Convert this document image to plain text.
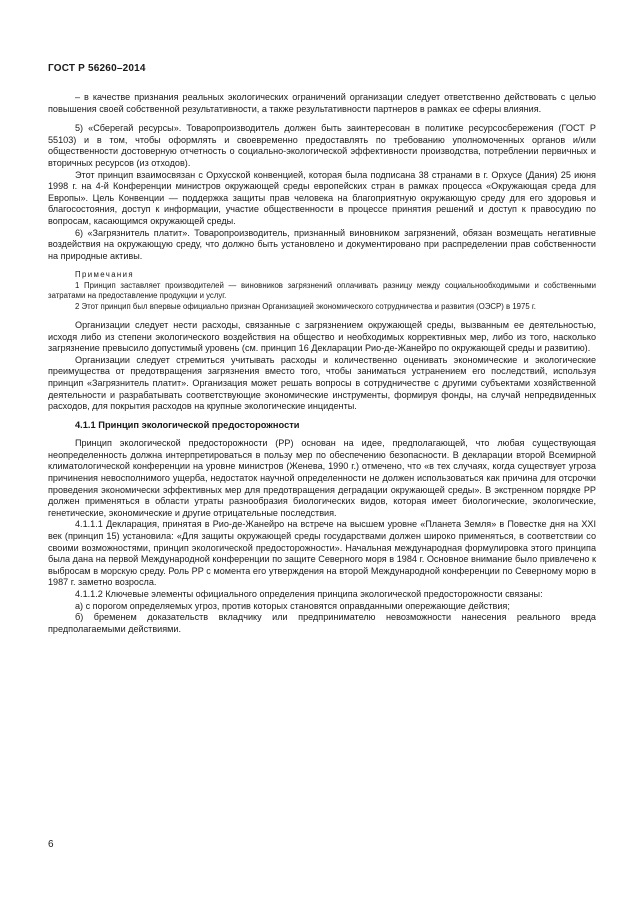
ГОСТ Р 56260–2014

– в качестве признания реальных экологических ограничений организации следует ответственно действовать с целью повышения своей собственной результативности, а также результативности партнеров в рамках ее сферы влияния.

5) «Сберегай ресурсы». Товаропроизводитель должен быть заинтересован в политике ресурсосбережения (ГОСТ Р 55103) и в том, чтобы оформлять и своевременно предоставлять по требованию уполномоченных органов и/или общественности достоверную отчетность о социально-экологической эффективности производства, потреблении первичных и вторичных ресурсов (из отходов).

Этот принцип взаимосвязан с Орхусской конвенцией, которая была подписана 38 странами в г. Орхусе (Дания) 25 июня 1998 г. на 4-й Конференции министров окружающей среды европейских стран в рамках процесса «Окружающая среда для Европы». Цель Конвенции — поддержка защиты прав человека на благоприятную окружающую среду для его здоровья и благосостояния, доступ к информации, участие общественности в процессе принятия решений и доступ к правосудию по вопросам, касающимся окружающей среды.

6) «Загрязнитель платит». Товаропроизводитель, признанный виновником загрязнений, обязан возмещать негативные воздействия на окружающую среду, что должно быть установлено и документировано при распределении прав собственности на природные активы.

Примечания

1 Принцип заставляет производителей — виновников загрязнений оплачивать разницу между социальнообходимыми и собственными затратами на предоставление продукции и услуг.

2 Этот принцип был впервые официально признан Организацией экономического сотрудничества и развития (ОЭСР) в 1975 г.

Организации следует нести расходы, связанные с загрязнением окружающей среды, вызванным ее деятельностью, исходя либо из степени экологического воздействия на общество и необходимых коррективных мер, либо из того, насколько загрязнение превысило допустимый уровень (см. принцип 16 Декларации Рио-де-Жанейро по окружающей среды и развитию).

Организации следует стремиться учитывать расходы и количественно оценивать экономические и экологические преимущества от предотвращения загрязнения вместо того, чтобы заниматься устранением его последствий, используя принцип «Загрязнитель платит». Организация может решать вопросы в сотрудничестве с другими субъектами хозяйственной деятельности и разрабатывать соответствующие экономические инструменты, формируя фонды, на случай непредвиденных расходов, для покрытия расходов на крупные экологические инциденты.

4.1.1 Принцип экологической предосторожности

Принцип экологической предосторожности (PP) основан на идее, предполагающей, что любая существующая неопределенность должна интерпретироваться в пользу мер по обеспечению безопасности. В декларации второй Всемирной климатологической конференции на уровне министров (Женева, 1990 г.) отмечено, что «в тех случаях, когда существует угроза причинения невосполнимого ущерба, недостаток научной определенности не должен использоваться как причина для отсрочки проведения экономически эффективных мер для предотвращения деградации окружающей среды». В экстренном порядке PP должен применяться в области утраты разнообразия биологических видов, которая имеет биологические, экологические, генетические, экономические и другие отрицательные последствия.

4.1.1.1 Декларация, принятая в Рио-де-Жанейро на встрече на высшем уровне «Планета Земля» в Повестке дня на XXI век (принцип 15) установила: «Для защиты окружающей среды государствами должен широко применяться, в соответствии со своими возможностями, принцип экологической предосторожности». Начальная международная формулировка этого принципа была дана на первой Международной конференции по защите Северного моря в 1984 г. Основное внимание было привлечено к выбросам в морскую среду. Роль PP с момента его утверждения на второй Международной конференции по Северному морю в 1987 г. заметно возросла.

4.1.1.2 Ключевые элементы официального определения принципа экологической предосторожности связаны:

а) с порогом определяемых угроз, против которых становятся оправданными опережающие действия;

б) бременем доказательств вкладчику или предпринимателю невозможности нанесения реального вреда предполагаемыми действиями.

6
